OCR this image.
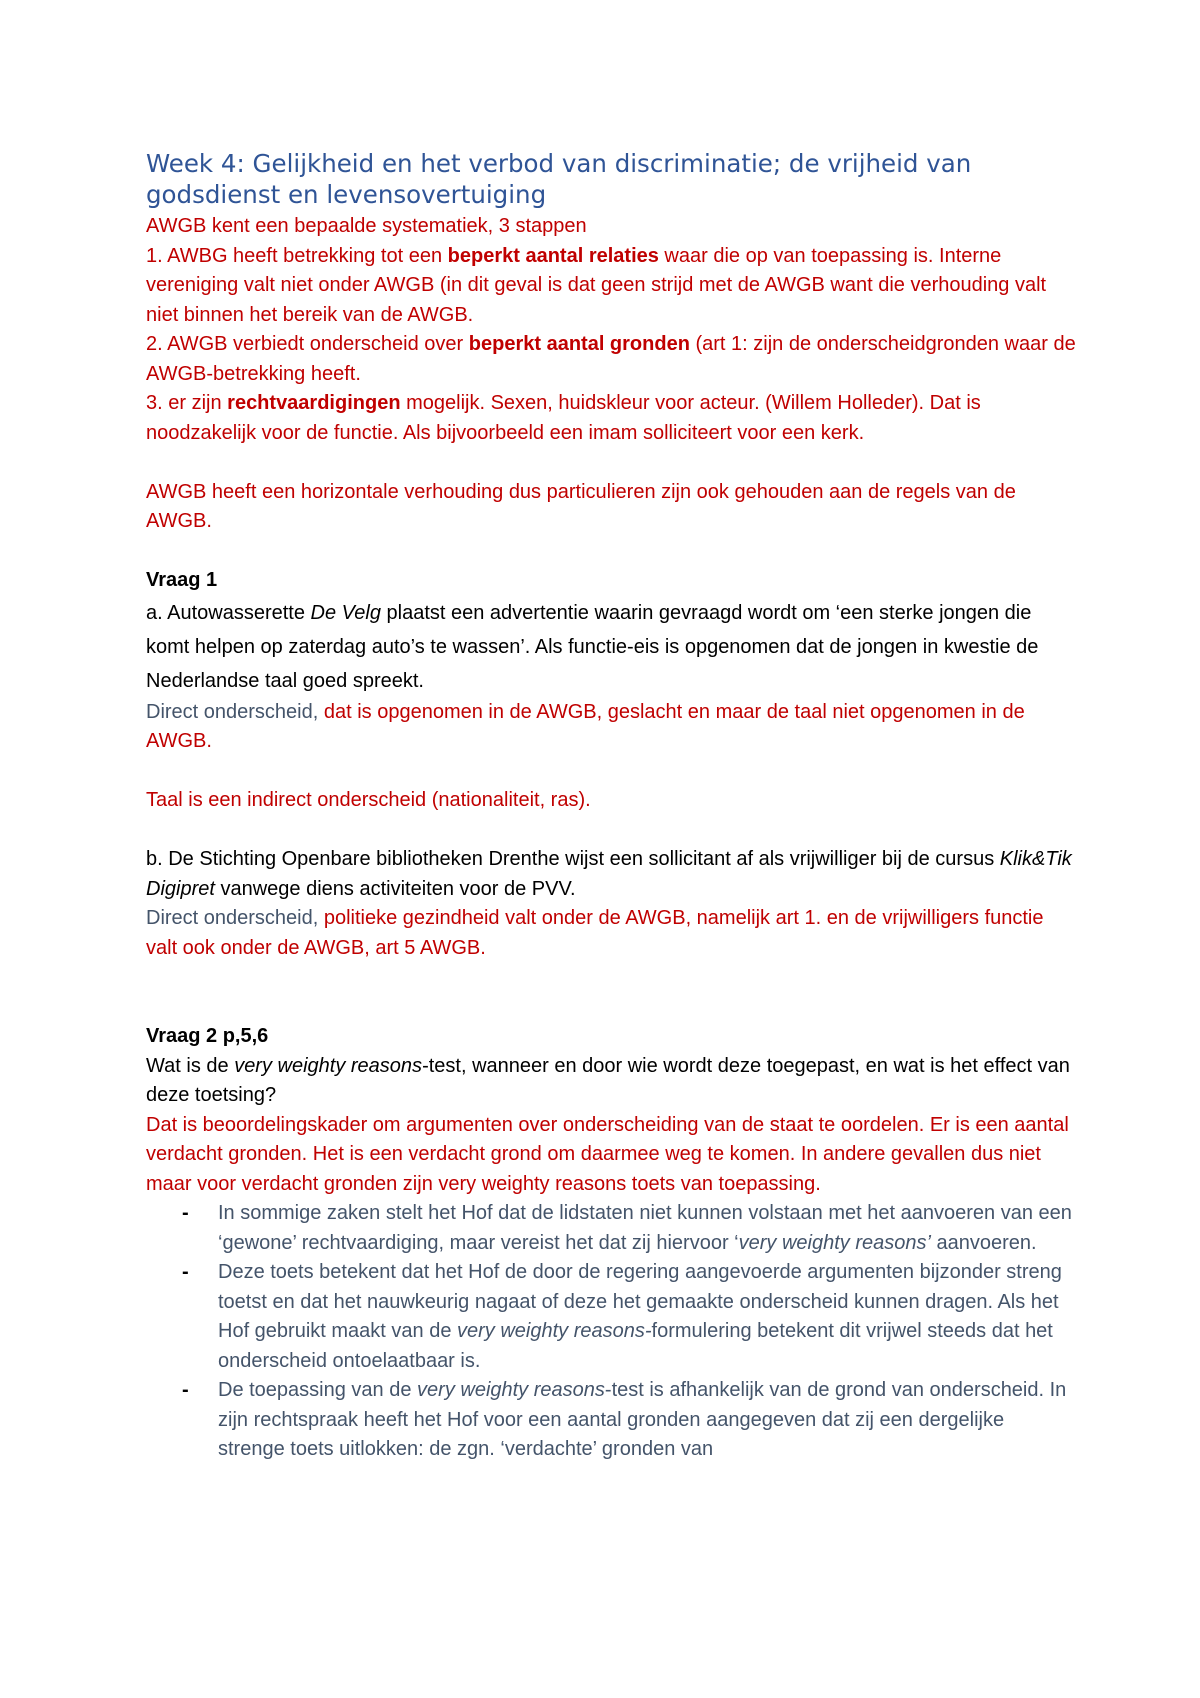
Week 4: Gelijkheid en het verbod van discriminatie; de vrijheid van godsdienst en levensovertuiging

AWGB kent een bepaalde systematiek, 3 stappen

1. AWBG heeft betrekking tot een beperkt aantal relaties waar die op van toepassing is. Interne vereniging valt niet onder AWGB (in dit geval is dat geen strijd met de AWGB want die verhouding valt niet binnen het bereik van de AWGB.

2. AWGB verbiedt onderscheid over beperkt aantal gronden (art 1: zijn de onderscheidgronden waar de AWGB-betrekking heeft.

3. er zijn rechtvaardigingen mogelijk. Sexen, huidskleur voor acteur. (Willem Holleder). Dat is noodzakelijk voor de functie. Als bijvoorbeeld een imam solliciteert voor een kerk.

AWGB heeft een horizontale verhouding dus particulieren zijn ook gehouden aan de regels van de AWGB.

Vraag 1

a. Autowasserette De Velg plaatst een advertentie waarin gevraagd wordt om ‘een sterke jongen die komt helpen op zaterdag auto’s te wassen’. Als functie-eis is opgenomen dat de jongen in kwestie de Nederlandse taal goed spreekt.

Direct onderscheid, dat is opgenomen in de AWGB, geslacht en maar de taal niet opgenomen in de AWGB.

Taal is een indirect onderscheid (nationaliteit, ras).

b. De Stichting Openbare bibliotheken Drenthe wijst een sollicitant af als vrijwilliger bij de cursus Klik&Tik Digipret vanwege diens activiteiten voor de PVV.

Direct onderscheid, politieke gezindheid valt onder de AWGB, namelijk art 1. en de vrijwilligers functie valt ook onder de AWGB, art 5 AWGB.

Vraag 2 p,5,6

Wat is de very weighty reasons-test, wanneer en door wie wordt deze toegepast, en wat is het effect van deze toetsing?

Dat is beoordelingskader om argumenten over onderscheiding van de staat te oordelen. Er is een aantal verdacht gronden. Het is een verdacht grond om daarmee weg te komen. In andere gevallen dus niet maar voor verdacht gronden zijn very weighty reasons toets van toepassing.

- In sommige zaken stelt het Hof dat de lidstaten niet kunnen volstaan met het aanvoeren van een ‘gewone’ rechtvaardiging, maar vereist het dat zij hiervoor ‘very weighty reasons’ aanvoeren.
- Deze toets betekent dat het Hof de door de regering aangevoerde argumenten bijzonder streng toetst en dat het nauwkeurig nagaat of deze het gemaakte onderscheid kunnen dragen. Als het Hof gebruikt maakt van de very weighty reasons-formulering betekent dit vrijwel steeds dat het onderscheid ontoelaatbaar is.
- De toepassing van de very weighty reasons-test is afhankelijk van de grond van onderscheid. In zijn rechtspraak heeft het Hof voor een aantal gronden aangegeven dat zij een dergelijke strenge toets uitlokken: de zgn. ‘verdachte’ gronden van
